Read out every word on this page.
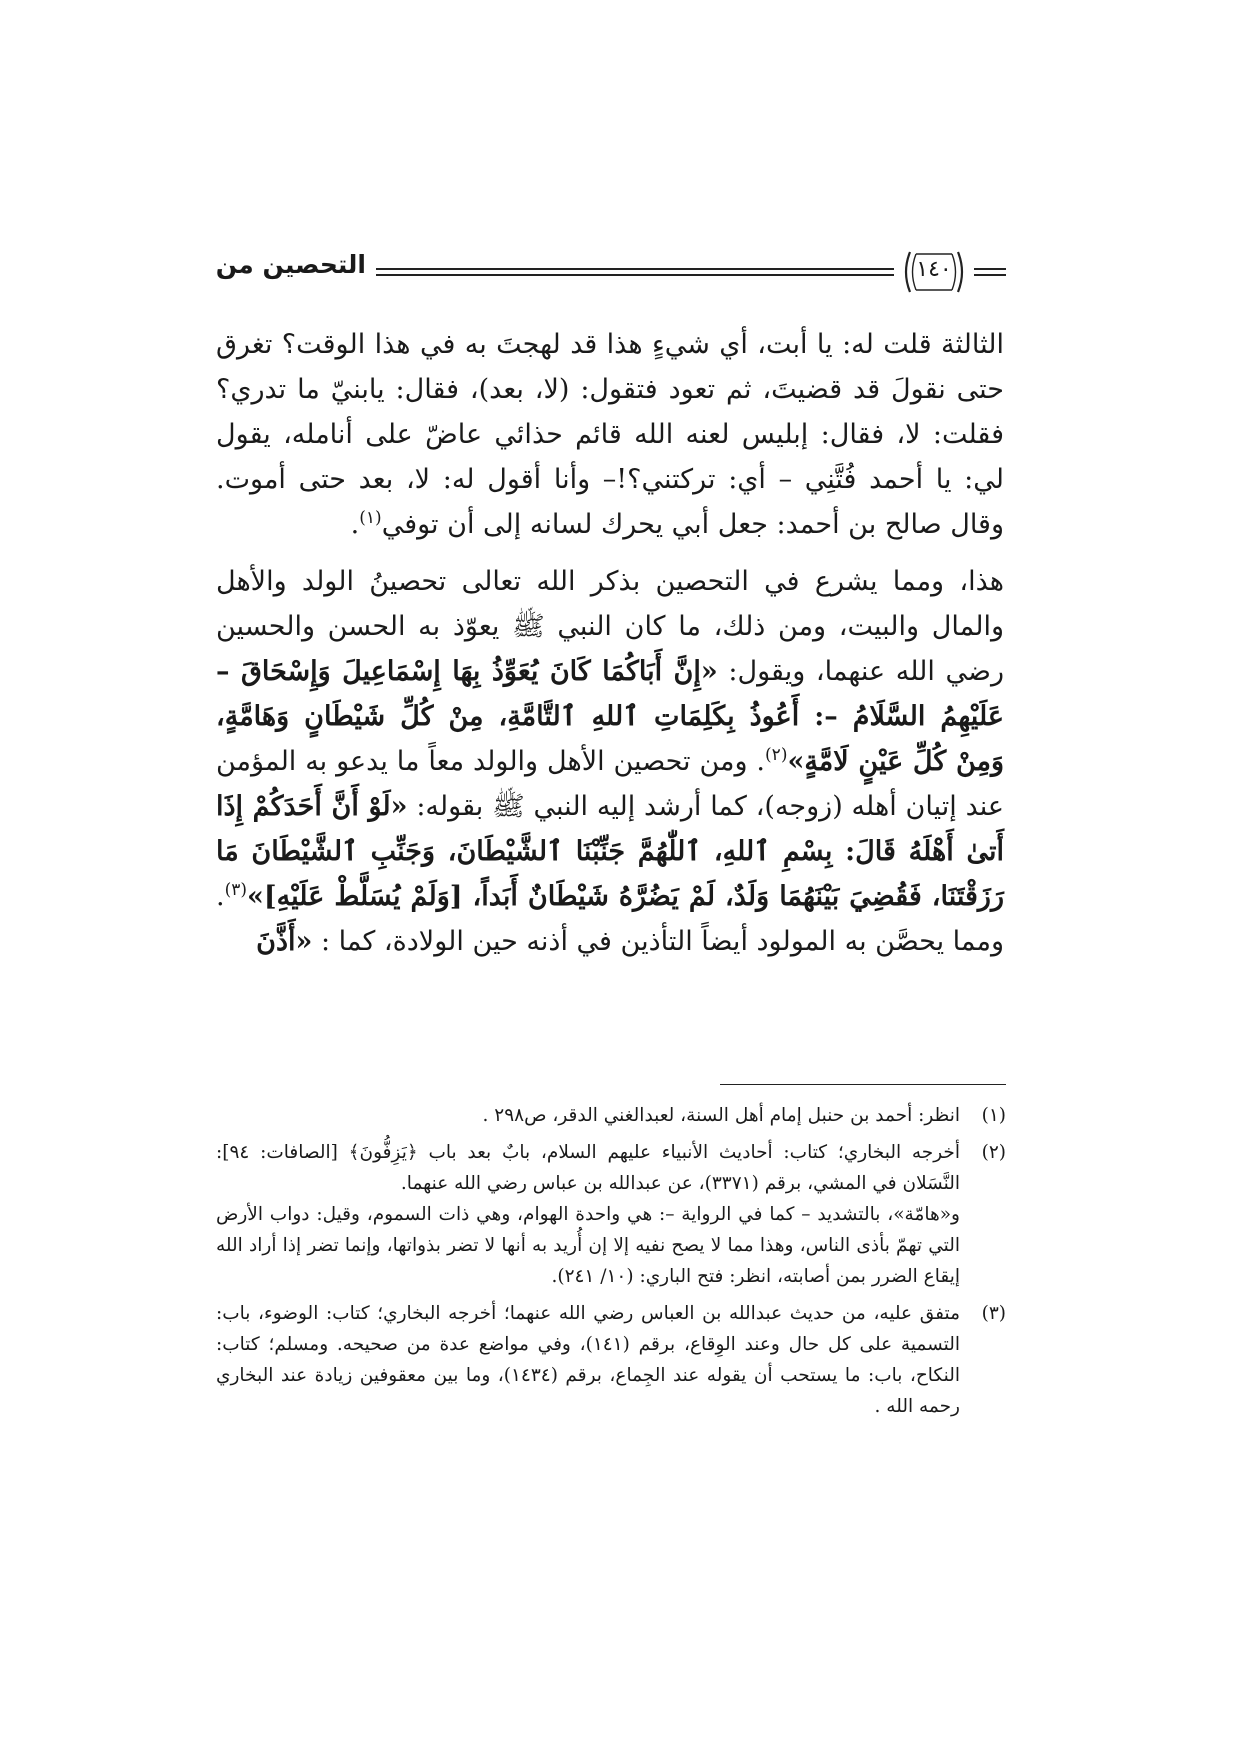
التحصين من	١٤٠

الثالثة قلت له: يا أبت، أي شيءٍ هذا قد لهجتَ به في هذا الوقت؟ تغرق حتى نقولَ قد قضيتَ، ثم تعود فتقول: (لا، بعد)، فقال: يابنيّ ما تدري؟ فقلت: لا، فقال: إبليس لعنه الله قائم حذائي عاضّ على أنامله، يقول لي: يا أحمد فُتَّنِي – أي: تركتني؟!– وأنا أقول له: لا، بعد حتى أموت. وقال صالح بن أحمد: جعل أبي يحرك لسانه إلى أن توفي$^{(١)}$.

هذا، ومما يشرع في التحصين بذكر الله تعالى تحصينُ الولد والأهل والمال والبيت، ومن ذلك، ما كان النبي ﷺ يعوّذ به الحسن والحسين رضي الله عنهما، ويقول: «إِنَّ أَبَاكُمَا كَانَ يُعَوِّذُ بِهَا إِسْمَاعِيلَ وَإِسْحَاقَ – عَلَيْهِمُ السَّلَامُ –: أَعُوذُ بِكَلِمَاتِ ٱللهِ ٱلتَّامَّةِ، مِنْ كُلِّ شَيْطَانٍ وَهَامَّةٍ، وَمِنْ كُلِّ عَيْنٍ لَامَّةٍ»$^{(٢)}$. ومن تحصين الأهل والولد معاً ما يدعو به المؤمن عند إتيان أهله (زوجه)، كما أرشد إليه النبي ﷺ بقوله: «لَوْ أَنَّ أَحَدَكُمْ إِذَا أَتىٰ أَهْلَهُ قَالَ: بِسْمِ ٱللهِ، ٱللّٰهُمَّ جَنِّبْنَا ٱلشَّيْطَانَ، وَجَنِّبِ ٱلشَّيْطَانَ مَا رَزَقْتَنَا، فَقُضِيَ بَيْنَهُمَا وَلَدٌ، لَمْ يَضُرَّهُ شَيْطَانٌ أَبَداً، [وَلَمْ يُسَلَّطْ عَلَيْهِ]»$^{(٣)}$. ومما يحصَّن به المولود أيضاً التأذين في أذنه حين الولادة، كما : «أَذَّنَ

(١)

انظر: أحمد بن حنبل إمام أهل السنة، لعبدالغني الدقر، ص٢٩٨ .

(٢)

أخرجه البخاري؛ كتاب: أحاديث الأنبياء عليهم السلام، بابٌ بعد باب ﴿يَزِفُّونَ﴾ [الصافات: ٩٤]: النَّسَلان في المشي، برقم (٣٣٧١)، عن عبدالله بن عباس رضي الله عنهما.

و«هامّة»، بالتشديد – كما في الرواية –: هي واحدة الهوام، وهي ذات السموم، وقيل: دواب الأرض التي تهمّ بأذى الناس، وهذا مما لا يصح نفيه إلا إن أُريد به أنها لا تضر بذواتها، وإنما تضر إذا أراد الله إيقاع الضرر بمن أصابته، انظر: فتح الباري: (١٠/ ٢٤١).

(٣)

متفق عليه، من حديث عبدالله بن العباس رضي الله عنهما؛ أخرجه البخاري؛ كتاب: الوضوء، باب: التسمية على كل حال وعند الوِقاع، برقم (١٤١)، وفي مواضع عدة من صحيحه. ومسلم؛ كتاب: النكاح، باب: ما يستحب أن يقوله عند الجِماع، برقم (١٤٣٤)، وما بين معقوفين زيادة عند البخاري رحمه الله .
